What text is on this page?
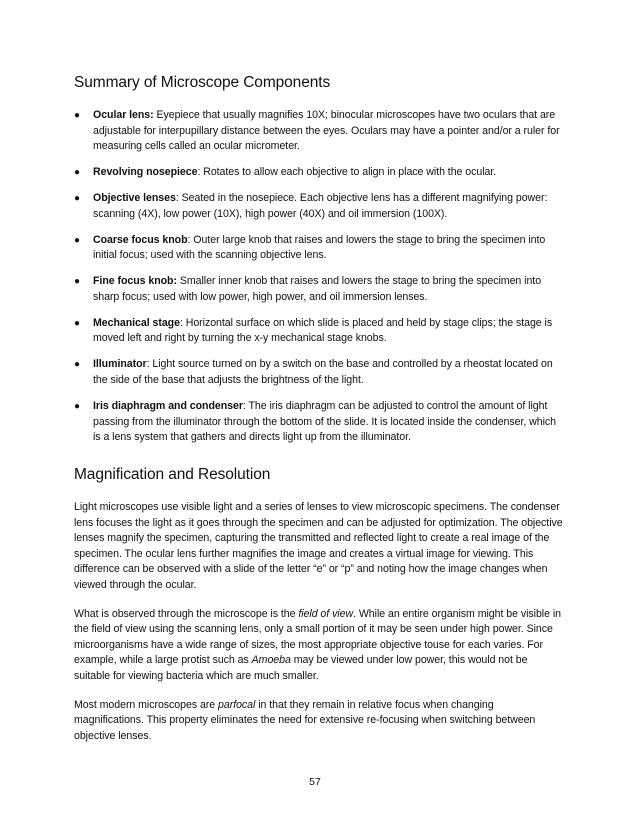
Summary of Microscope Components
● Ocular lens: Eyepiece that usually magnifies 10X; binocular microscopes have two oculars that are adjustable for interpupillary distance between the eyes. Oculars may have a pointer and/or a ruler for measuring cells called an ocular micrometer.
● Revolving nosepiece: Rotates to allow each objective to align in place with the ocular.
● Objective lenses: Seated in the nosepiece. Each objective lens has a different magnifying power: scanning (4X), low power (10X), high power (40X) and oil immersion (100X).
● Coarse focus knob: Outer large knob that raises and lowers the stage to bring the specimen into initial focus; used with the scanning objective lens.
● Fine focus knob: Smaller inner knob that raises and lowers the stage to bring the specimen into sharp focus; used with low power, high power, and oil immersion lenses.
● Mechanical stage: Horizontal surface on which slide is placed and held by stage clips; the stage is moved left and right by turning the x-y mechanical stage knobs.
● Illuminator: Light source turned on by a switch on the base and controlled by a rheostat located on the side of the base that adjusts the brightness of the light.
● Iris diaphragm and condenser: The iris diaphragm can be adjusted to control the amount of light passing from the illuminator through the bottom of the slide. It is located inside the condenser, which is a lens system that gathers and directs light up from the illuminator.
Magnification and Resolution

Light microscopes use visible light and a series of lenses to view microscopic specimens. The condenser lens focuses the light as it goes through the specimen and can be adjusted for optimization. The objective lenses magnify the specimen, capturing the transmitted and reflected light to create a real image of the specimen. The ocular lens further magnifies the image and creates a virtual image for viewing. This difference can be observed with a slide of the letter “e” or “p” and noting how the image changes when viewed through the ocular.

What is observed through the microscope is the field of view. While an entire organism might be visible in the field of view using the scanning lens, only a small portion of it may be seen under high power. Since microorganisms have a wide range of sizes, the most appropriate objective touse for each varies. For example, while a large protist such as Amoeba may be viewed under low power, this would not be suitable for viewing bacteria which are much smaller.

Most modern microscopes are parfocal in that they remain in relative focus when changing magnifications. This property eliminates the need for extensive re-focusing when switching between objective lenses.

57
